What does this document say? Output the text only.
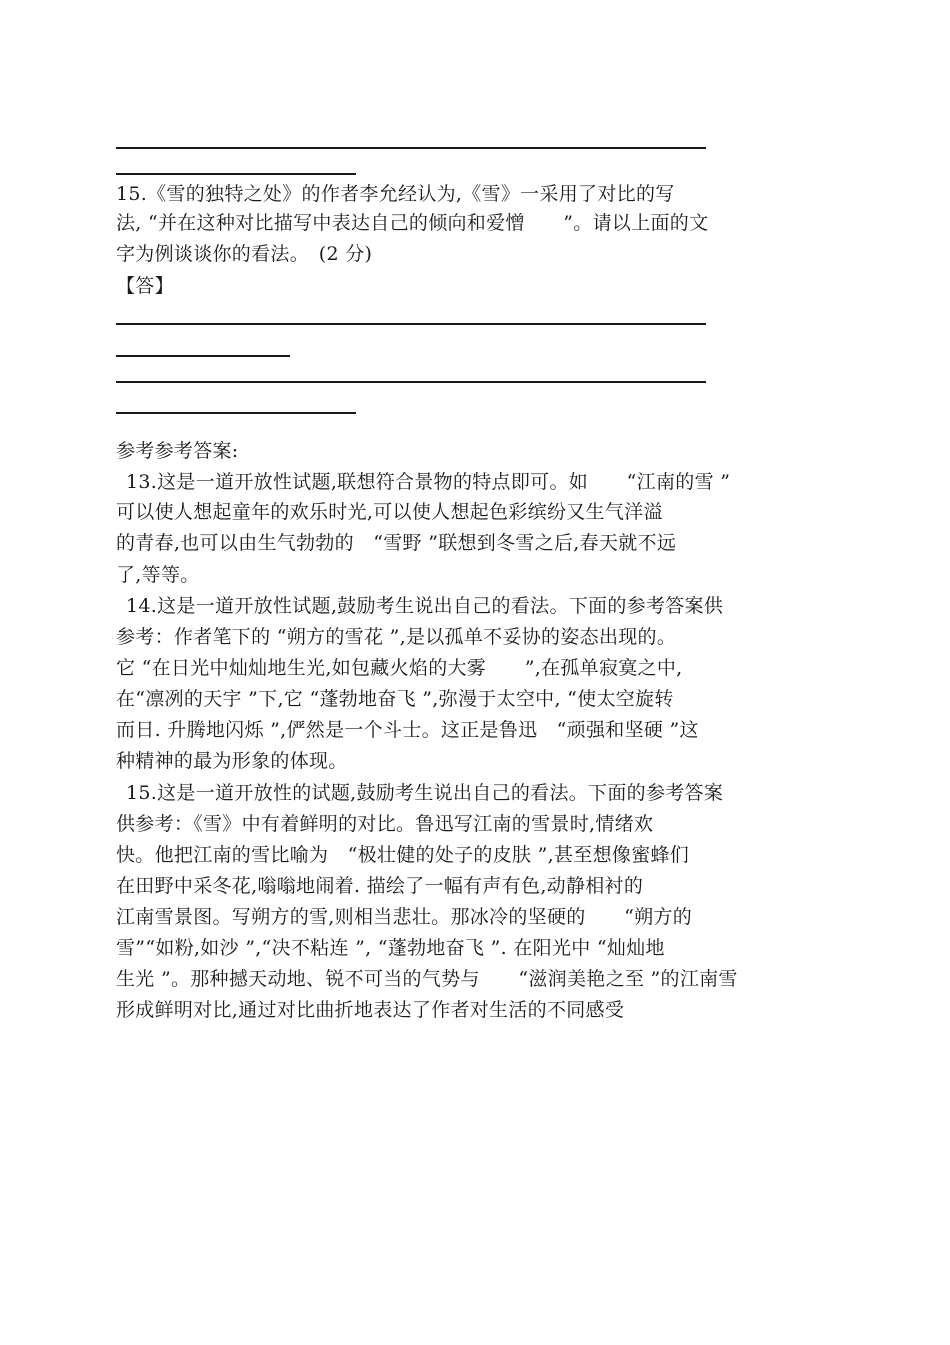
15.《雪的独特之处》的作者李允经认为,《雪》一采用了对比的写
法, “并在这种对比描写中表达自己的倾向和爱憎　　”。请以上面的文
字为例谈谈你的看法。　(2 分)
【答】
参考参考答案:
13.这是一道开放性试题,联想符合景物的特点即可。如　　“江南的雪 ”
可以使人想起童年的欢乐时光,可以使人想起色彩缤纷又生气洋溢
的青春,也可以由生气勃勃的　“雪野 ”联想到冬雪之后,春天就不远
了,等等。
14.这是一道开放性试题,鼓励考生说出自己的看法。下面的参考答案供
参考：作者笔下的 “朔方的雪花 ”,是以孤单不妥协的姿态出现的。
它 “在日光中灿灿地生光,如包藏火焰的大雾　　”,在孤单寂寞之中,
在“凛冽的天宇 ”下,它 “蓬勃地奋飞 ”,弥漫于太空中, “使太空旋转
而日. 升腾地闪烁 ”,俨然是一个斗士。这正是鲁迅　“顽强和坚硬 ”这
种精神的最为形象的体现。
15.这是一道开放性的试题,鼓励考生说出自己的看法。下面的参考答案
供参考：《雪》中有着鲜明的对比。鲁迅写江南的雪景时,情绪欢
快。他把江南的雪比喻为　“极壮健的处子的皮肤 ”,甚至想像蜜蜂们
在田野中采冬花,嗡嗡地闹着. 描绘了一幅有声有色,动静相衬的
江南雪景图。写朔方的雪,则相当悲壮。那冰冷的坚硬的　　“朔方的
雪”“如粉,如沙 ”,“决不粘连 ”, “蓬勃地奋飞 ”. 在阳光中 “灿灿地
生光 ”。那种撼天动地、锐不可当的气势与　　“滋润美艳之至 ”的江南雪
形成鲜明对比,通过对比曲折地表达了作者对生活的不同感受
